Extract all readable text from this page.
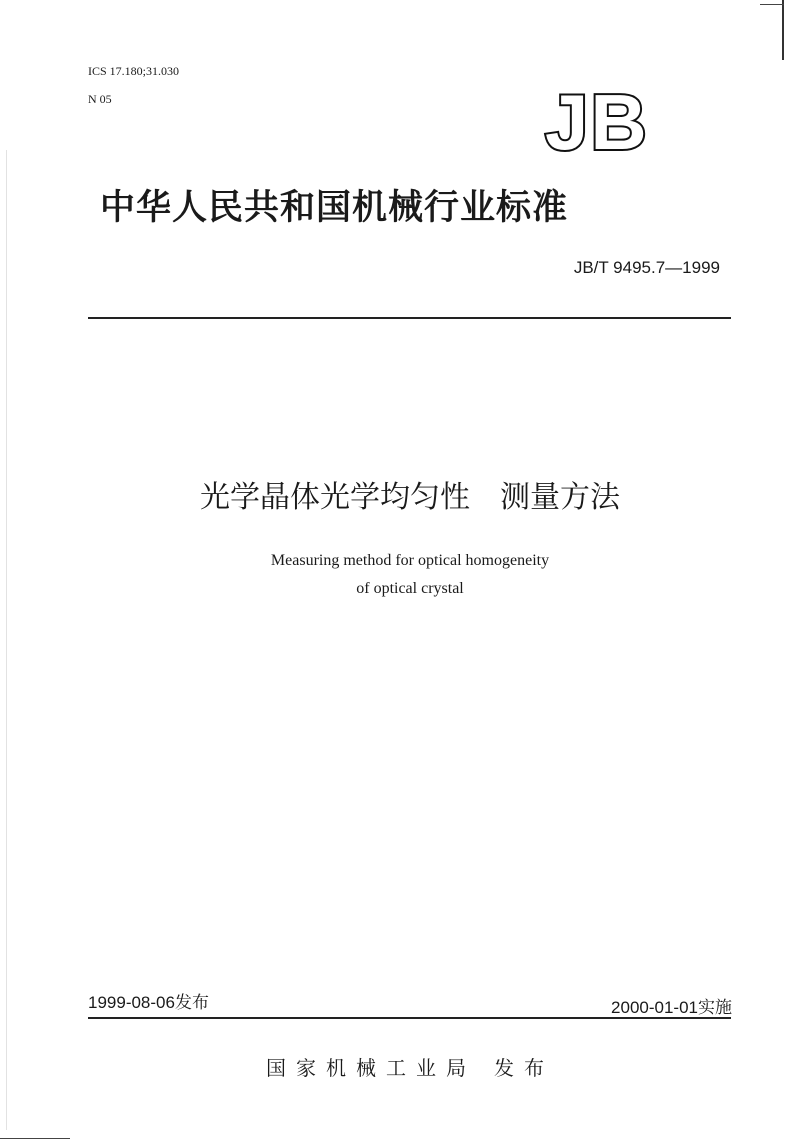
ICS 17.180;31.030
N 05	JB
中华人民共和国机械行业标准
JB/T 9495.7—1999
光学晶体光学均匀性　测量方法
Measuring method for optical homogeneity
of optical crystal
1999-08-06发布	2000-01-01实施
国家机械工业局 发布
